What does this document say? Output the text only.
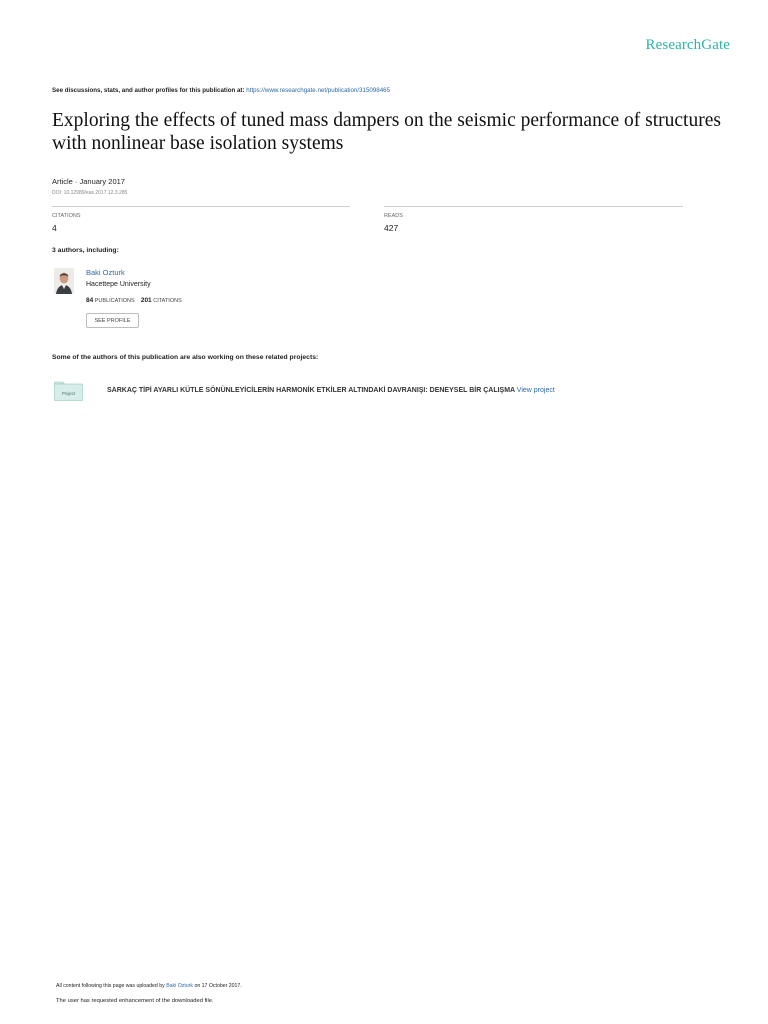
ResearchGate
See discussions, stats, and author profiles for this publication at: https://www.researchgate.net/publication/315098465
Exploring the effects of tuned mass dampers on the seismic performance of structures with nonlinear base isolation systems
Article · January 2017
DOI: 10.12989/eas.2017.12.3.285
CITATIONS
4
READS
427
3 authors, including:
Baki Ozturk
Hacettepe University
84 PUBLICATIONS 201 CITATIONS
SEE PROFILE
Some of the authors of this publication are also working on these related projects:
Project	SARKAÇ TİPİ AYARLI KÜTLE SÖNÜNLEYİCİLERİN HARMONİK ETKİLER ALTINDAKİ DAVRANIŞI: DENEYSEL BİR ÇALIŞMA View project
All content following this page was uploaded by Baki Ozturk on 17 October 2017.
The user has requested enhancement of the downloaded file.
